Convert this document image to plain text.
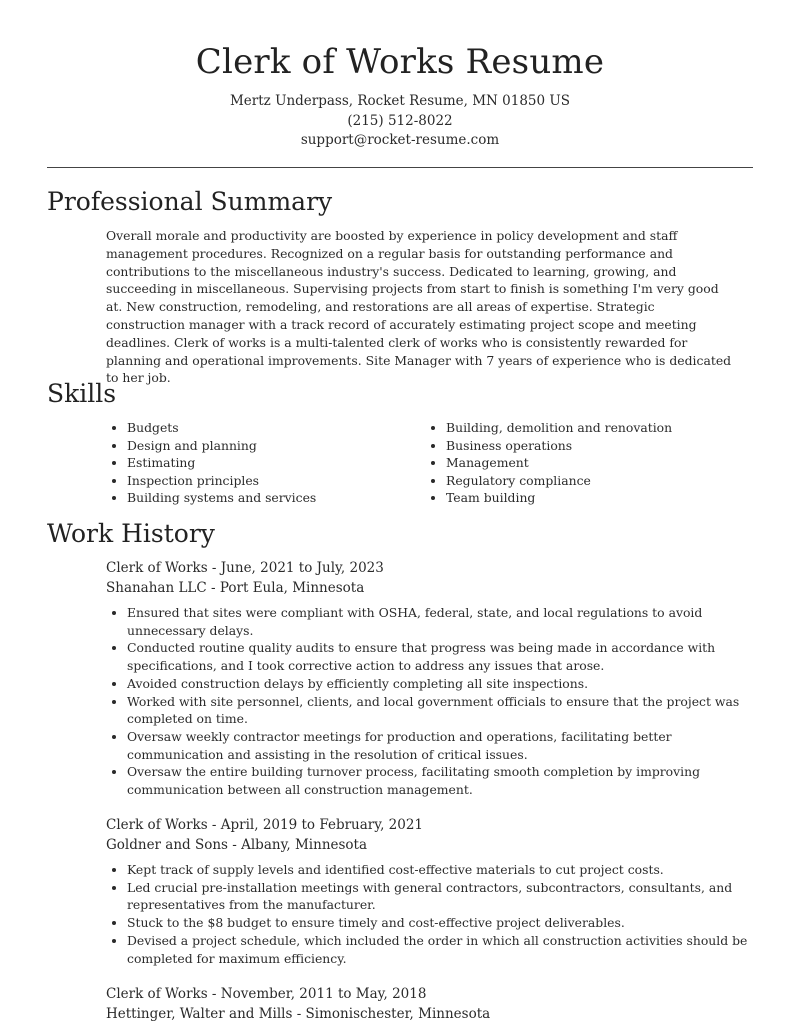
Clerk of Works Resume
Mertz Underpass, Rocket Resume, MN 01850 US
(215) 512-8022
support@rocket-resume.com
Professional Summary
Overall morale and productivity are boosted by experience in policy development and staff management procedures. Recognized on a regular basis for outstanding performance and contributions to the miscellaneous industry's success. Dedicated to learning, growing, and succeeding in miscellaneous. Supervising projects from start to finish is something I'm very good at. New construction, remodeling, and restorations are all areas of expertise. Strategic construction manager with a track record of accurately estimating project scope and meeting deadlines. Clerk of works is a multi-talented clerk of works who is consistently rewarded for planning and operational improvements. Site Manager with 7 years of experience who is dedicated to her job.
Skills
• Budgets
• Design and planning
• Estimating
• Inspection principles
• Building systems and services
• Building, demolition and renovation
• Business operations
• Management
• Regulatory compliance
• Team building
Work History
Clerk of Works - June, 2021 to July, 2023
Shanahan LLC - Port Eula, Minnesota
• Ensured that sites were compliant with OSHA, federal, state, and local regulations to avoid unnecessary delays.
• Conducted routine quality audits to ensure that progress was being made in accordance with specifications, and I took corrective action to address any issues that arose.
• Avoided construction delays by efficiently completing all site inspections.
• Worked with site personnel, clients, and local government officials to ensure that the project was completed on time.
• Oversaw weekly contractor meetings for production and operations, facilitating better communication and assisting in the resolution of critical issues.
• Oversaw the entire building turnover process, facilitating smooth completion by improving communication between all construction management.
Clerk of Works - April, 2019 to February, 2021
Goldner and Sons - Albany, Minnesota
• Kept track of supply levels and identified cost-effective materials to cut project costs.
• Led crucial pre-installation meetings with general contractors, subcontractors, consultants, and representatives from the manufacturer.
• Stuck to the $8 budget to ensure timely and cost-effective project deliverables.
• Devised a project schedule, which included the order in which all construction activities should be completed for maximum efficiency.
Clerk of Works - November, 2011 to May, 2018
Hettinger, Walter and Mills - Simonischester, Minnesota
